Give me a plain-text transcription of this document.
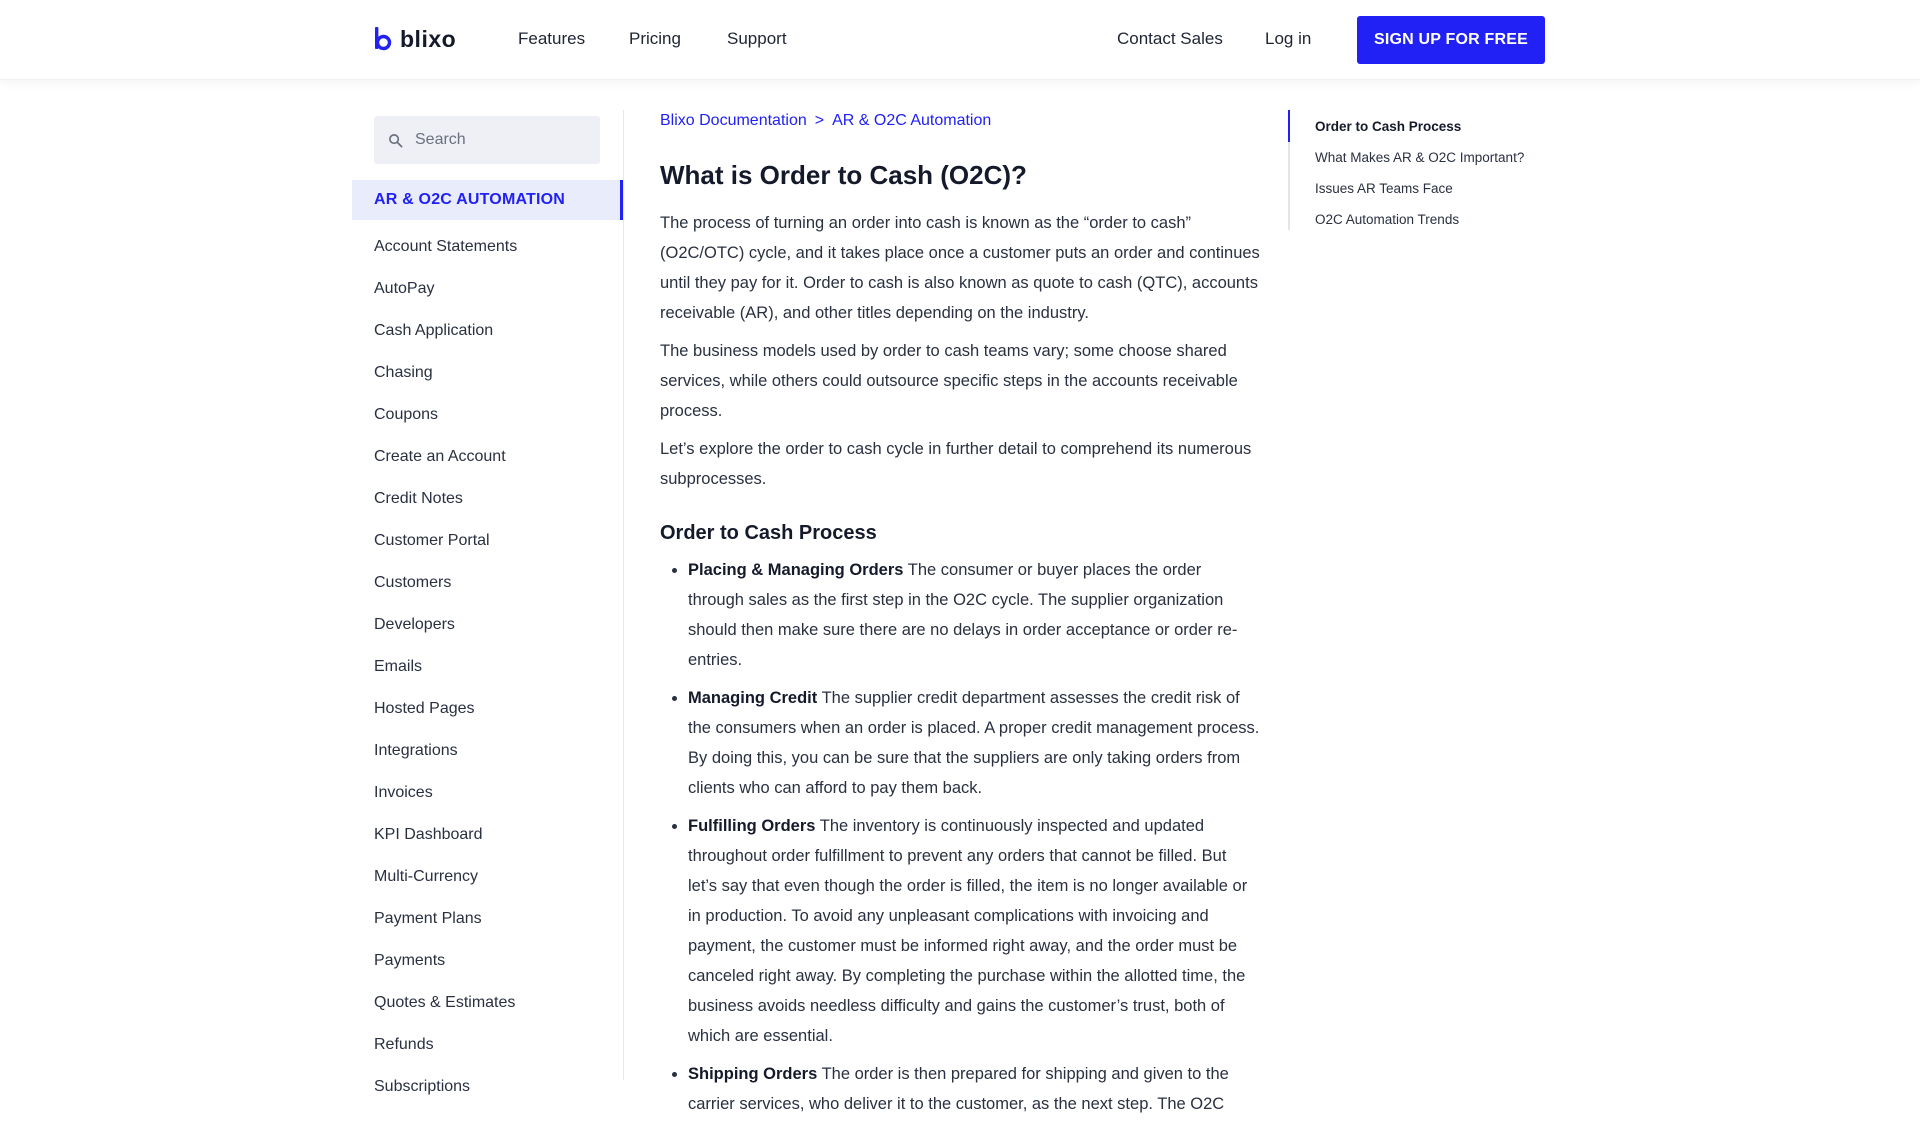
blixo	Features	Pricing	Support	Contact Sales Log in	SIGN UP FOR FREE
Search
AR & O2C AUTOMATION
Account Statements
AutoPay
Cash Application
Chasing
Coupons
Create an Account
Credit Notes
Customer Portal
Customers
Developers
Emails
Hosted Pages
Integrations
Invoices
KPI Dashboard
Multi-Currency
Payment Plans
Payments
Quotes & Estimates
Refunds
Subscriptions
Blixo Documentation > AR & O2C Automation
What is Order to Cash (O2C)?

The process of turning an order into cash is known as the “order to cash” (O2C/OTC) cycle, and it takes place once a customer puts an order and continues until they pay for it. Order to cash is also known as quote to cash (QTC), accounts receivable (AR), and other titles depending on the industry.

The business models used by order to cash teams vary; some choose shared services, while others could outsource specific steps in the accounts receivable process.

Let’s explore the order to cash cycle in further detail to comprehend its numerous subprocesses.

Order to Cash Process
• Placing & Managing Orders The consumer or buyer places the order through sales as the first step in the O2C cycle. The supplier organization should then make sure there are no delays in order acceptance or order re-entries.
• Managing Credit The supplier credit department assesses the credit risk of the consumers when an order is placed. A proper credit management process. By doing this, you can be sure that the suppliers are only taking orders from clients who can afford to pay them back.
• Fulfilling Orders The inventory is continuously inspected and updated throughout order fulfillment to prevent any orders that cannot be filled. But let’s say that even though the order is filled, the item is no longer available or in production. To avoid any unpleasant complications with invoicing and payment, the customer must be informed right away, and the order must be canceled right away. By completing the purchase within the allotted time, the business avoids needless difficulty and gains the customer’s trust, both of which are essential.
• Shipping Orders The order is then prepared for shipping and given to the carrier services, who deliver it to the customer, as the next step. The O2C
Order to Cash Process
What Makes AR & O2C Important?
Issues AR Teams Face
O2C Automation Trends
